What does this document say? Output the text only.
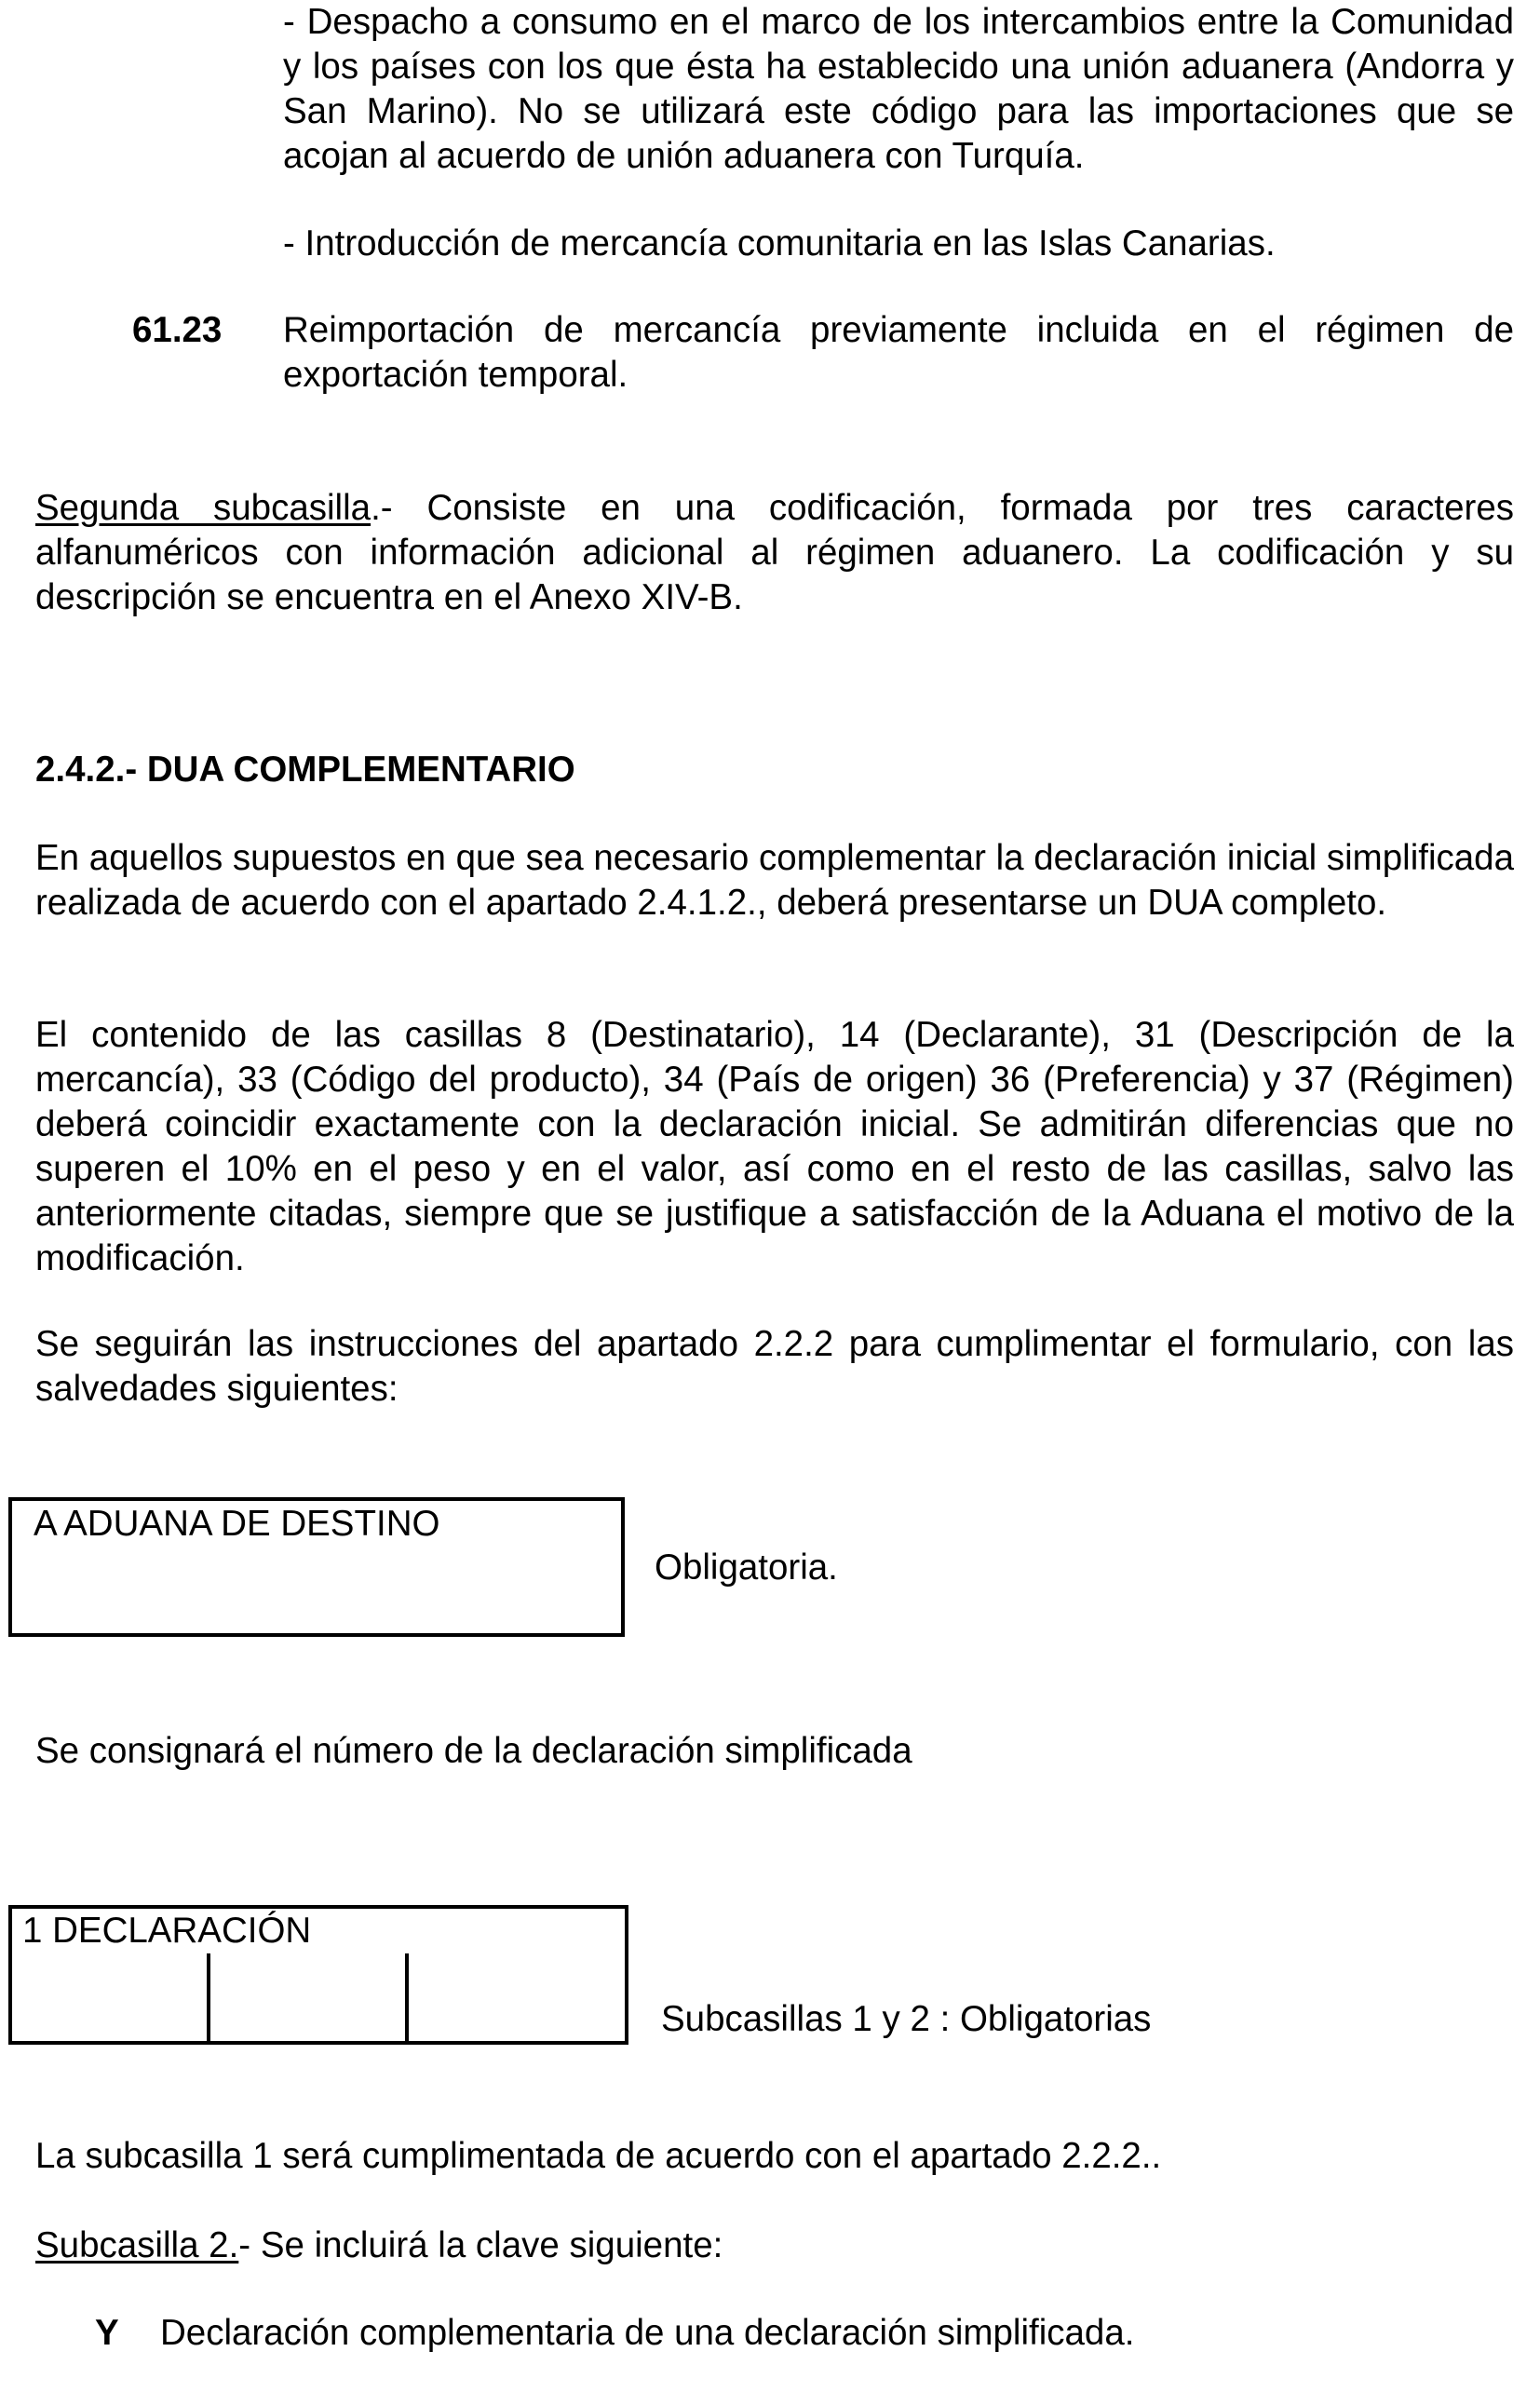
- Despacho a consumo en el marco de los intercambios entre la Comunidad y los países con los que ésta ha establecido una unión aduanera (Andorra y San Marino). No se utilizará este código para las importaciones que se acojan al acuerdo de unión aduanera con Turquía.
- Introducción de mercancía comunitaria en las Islas Canarias.
61.23 Reimportación de mercancía previamente incluida en el régimen de exportación temporal.
Segunda subcasilla.- Consiste en una codificación, formada por tres caracteres alfanuméricos con información adicional al régimen aduanero. La codificación y su descripción se encuentra en el Anexo XIV-B.
2.4.2.- DUA COMPLEMENTARIO
En aquellos supuestos en que sea necesario complementar la declaración inicial simplificada realizada de acuerdo con el apartado 2.4.1.2., deberá presentarse un DUA completo.
El contenido de las casillas 8 (Destinatario), 14 (Declarante), 31 (Descripción de la mercancía), 33 (Código del producto), 34 (País de origen) 36 (Preferencia) y 37 (Régimen) deberá coincidir exactamente con la declaración inicial. Se admitirán diferencias que no superen el 10% en el peso y en el valor, así como en el resto de las casillas, salvo las anteriormente citadas, siempre que se justifique a satisfacción de la Aduana el motivo de la modificación.
Se seguirán las instrucciones del apartado 2.2.2 para cumplimentar el formulario, con las salvedades siguientes:
A ADUANA DE DESTINO
Obligatoria.
Se consignará el número de la declaración simplificada
1 DECLARACIÓN
Subcasillas 1 y 2 : Obligatorias
La subcasilla 1 será cumplimentada de acuerdo con el apartado 2.2.2..
Subcasilla 2.- Se incluirá la clave siguiente:
Y Declaración complementaria de una declaración simplificada.
